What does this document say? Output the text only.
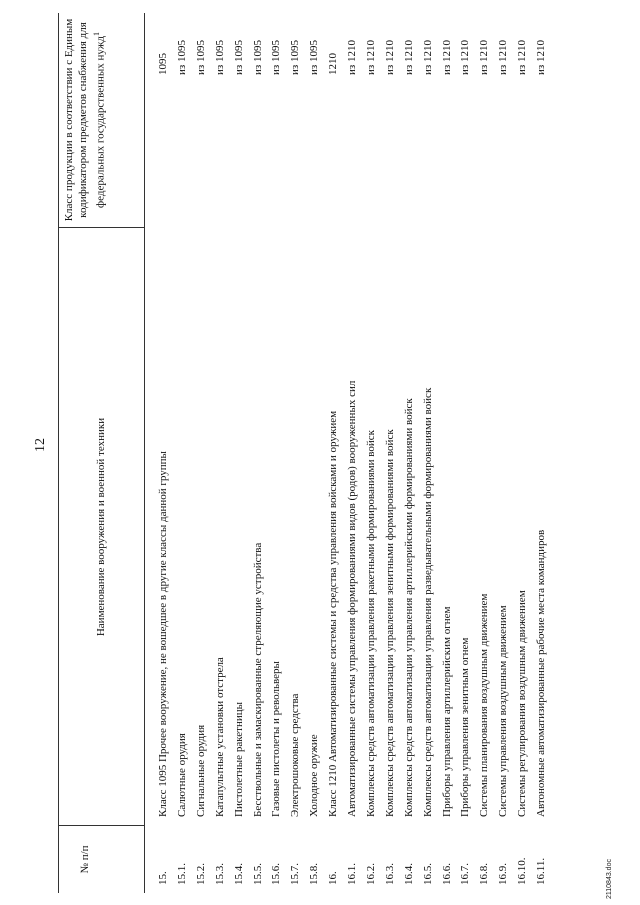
12
№ п/п
Наименование вооружения и военной техники
Класс продукции в соответствии с Единым кодификатором предметов снабжения для федеральных государственных нужд$^1$
15.
Класс 1095 Прочее вооружение, не вошедшее в другие классы данной группы
1095
15.1.
Салютные орудия
из 1095
15.2.
Сигнальные орудия
из 1095
15.3.
Катапультные установки отстрела
из 1095
15.4.
Пистолетные ракетницы
из 1095
15.5.
Бесствольные и замаскированные стреляющие устройства
из 1095
15.6.
Газовые пистолеты и револьверы
из 1095
15.7.
Электрошоковые средства
из 1095
15.8.
Холодное оружие
из 1095
16.
Класс 1210 Автоматизированные системы и средства управления войсками и оружием
1210
16.1.
Автоматизированные системы управления формированиями видов (родов) вооруженных сил
из 1210
16.2.
Комплексы средств автоматизации управления ракетными формированиями войск
из 1210
16.3.
Комплексы средств автоматизации управления зенитными формированиями войск
из 1210
16.4.
Комплексы средств автоматизации управления артиллерийскими формированиями войск
из 1210
16.5.
Комплексы средств автоматизации управления разведывательными формированиями войск
из 1210
16.6.
Приборы управления артиллерийским огнем
из 1210
16.7.
Приборы управления зенитным огнем
из 1210
16.8.
Системы планирования воздушным движением
из 1210
16.9.
Системы управления воздушным движением
из 1210
16.10.
Системы регулирования воздушным движением
из 1210
16.11.
Автономные автоматизированные рабочие места командиров
из 1210
2110843.doc
